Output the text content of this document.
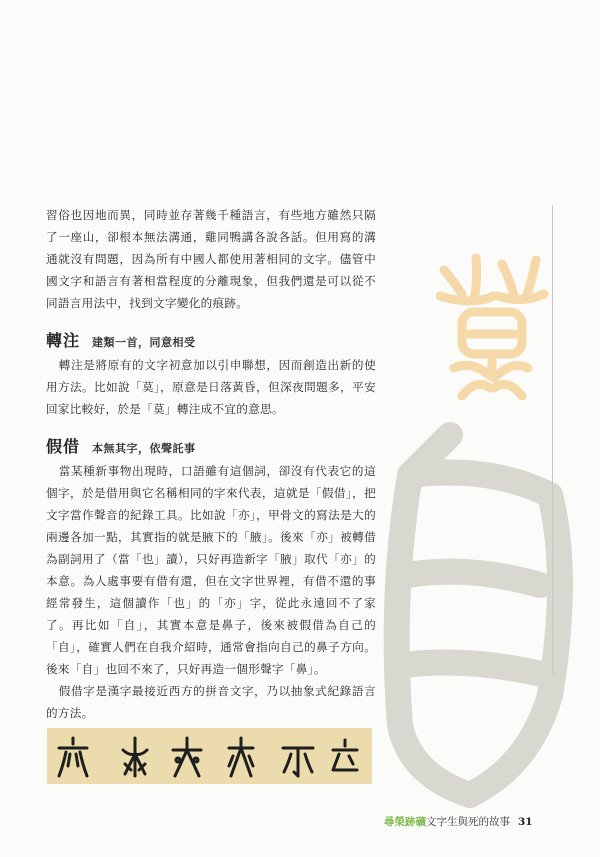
習俗也因地而異，同時並存著幾千種語言，有些地方雖然只隔了一座山，卻根本無法溝通，雞同鴨講各說各話。但用寫的溝通就沒有問題，因為所有中國人都使用著相同的文字。儘管中國文字和語言有著相當程度的分離現象，但我們還是可以從不同語言用法中，找到文字變化的痕跡。

轉注 建類一首，同意相受

轉注是將原有的文字初意加以引申聯想，因而創造出新的使用方法。比如說「莫」，原意是日落黃昏，但深夜問題多，平安回家比較好，於是「莫」轉注成不宜的意思。

假借 本無其字，依聲託事

當某種新事物出現時，口語雖有這個詞，卻沒有代表它的這個字，於是借用與它名稱相同的字來代表，這就是「假借」，把文字當作聲音的紀錄工具。比如說「亦」，甲骨文的寫法是大的兩邊各加一點，其實指的就是腋下的「腋」。後來「亦」被轉借為副詞用了（當「也」讀），只好再造新字「腋」取代「亦」的本意。為人處事要有借有還，但在文字世界裡，有借不還的事經常發生，這個讀作「也」的「亦」字，從此永遠回不了家了。再比如「自」，其實本意是鼻子，後來被假借為自己的「自」，確實人們在自我介紹時，通常會指向自己的鼻子方向。後來「自」也回不來了，只好再造一個形聲字「鼻」。

假借字是漢字最接近西方的拼音文字，乃以抽象式紀錄語言的方法。

尋榮跡礦文字生與死的故事 31
